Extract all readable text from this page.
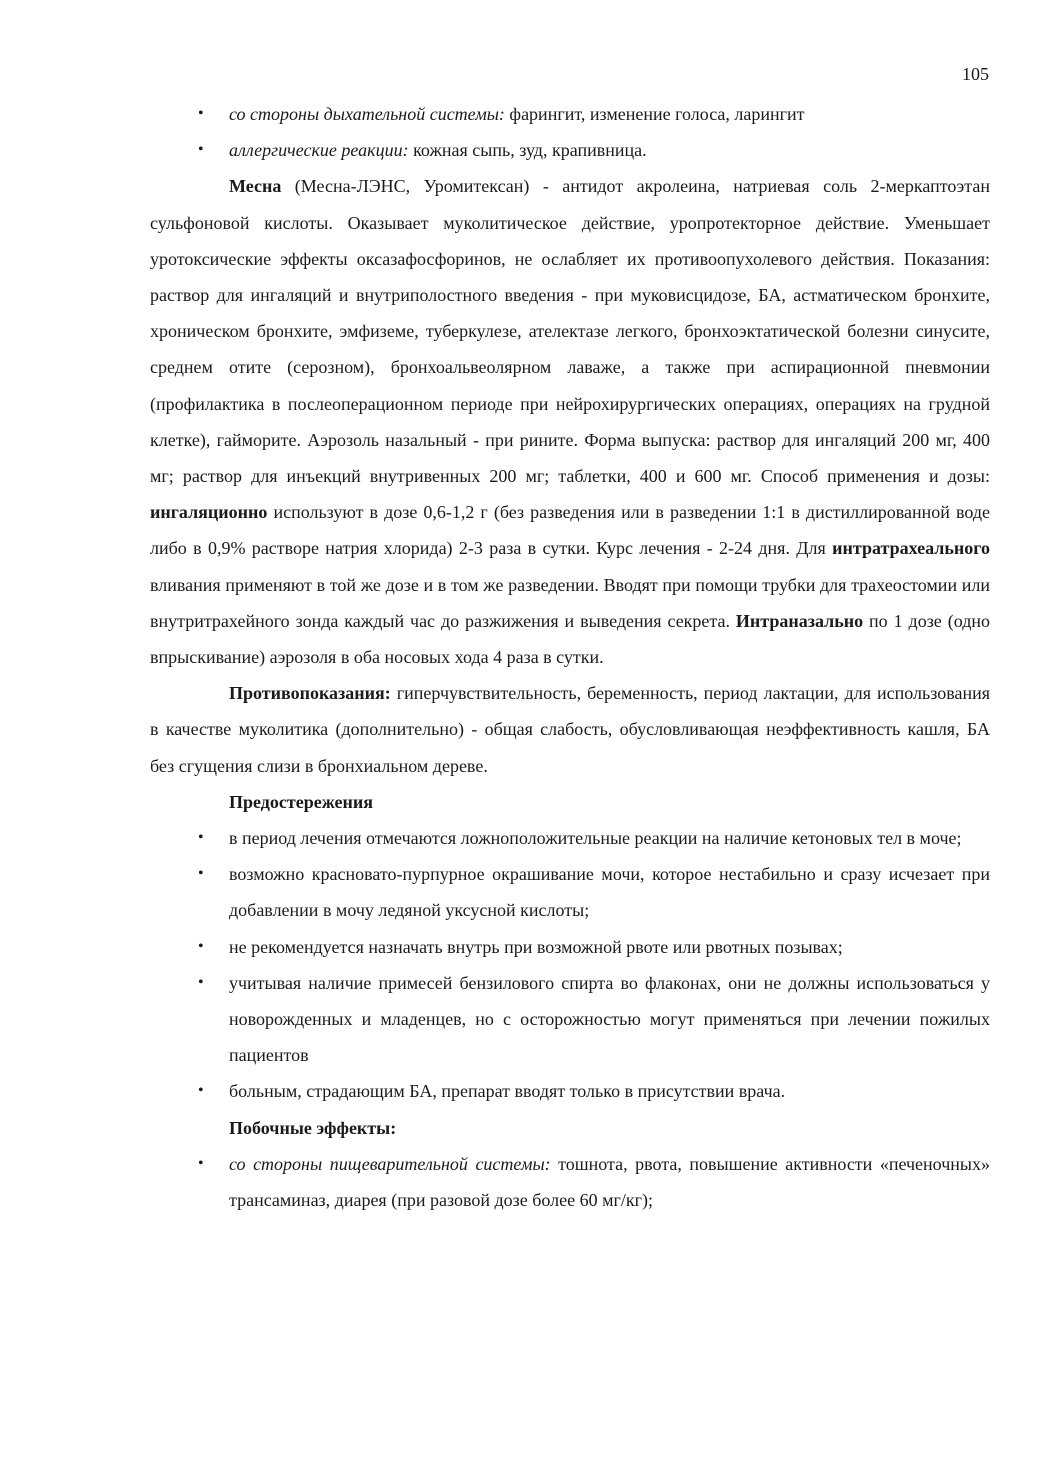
105
• со стороны дыхательной системы: фарингит, изменение голоса, ларингит
• аллергические реакции: кожная сыпь, зуд, крапивница.

Месна (Месна-ЛЭНС, Уромитексан) - антидот акролеина, натриевая соль 2-меркаптоэтан сульфоновой кислоты. Оказывает муколитическое действие, уропротекторное действие. Уменьшает уротоксические эффекты оксазафосфоринов, не ослабляет их противоопухолевого действия. Показания: раствор для ингаляций и внутриполостного введения - при муковисцидозе, БА, астматическом бронхите, хроническом бронхите, эмфиземе, туберкулезе, ателектазе легкого, бронхоэктатической болезни синусите, среднем отите (серозном), бронхоальвеолярном лаваже, а также при аспирационной пневмонии (профилактика в послеоперационном периоде при нейрохирургических операциях, операциях на грудной клетке), гайморите. Аэрозоль назальный - при рините. Форма выпуска: раствор для ингаляций 200 мг, 400 мг; раствор для инъекций внутривенных 200 мг; таблетки, 400 и 600 мг. Способ применения и дозы: ингаляционно используют в дозе 0,6-1,2 г (без разведения или в разведении 1:1 в дистиллированной воде либо в 0,9% растворе натрия хлорида) 2-3 раза в сутки. Курс лечения - 2-24 дня. Для интратрахеального вливания применяют в той же дозе и в том же разведении. Вводят при помощи трубки для трахеостомии или внутритрахейного зонда каждый час до разжижения и выведения секрета. Интраназально по 1 дозе (одно впрыскивание) аэрозоля в оба носовых хода 4 раза в сутки.

Противопоказания: гиперчувствительность, беременность, период лактации, для использования в качестве муколитика (дополнительно) - общая слабость, обусловливающая неэффективность кашля, БА без сгущения слизи в бронхиальном дереве.

Предостережения

• в период лечения отмечаются ложноположительные реакции на наличие кетоновых тел в моче;
• возможно красновато-пурпурное окрашивание мочи, которое нестабильно и сразу исчезает при добавлении в мочу ледяной уксусной кислоты;
• не рекомендуется назначать внутрь при возможной рвоте или рвотных позывах;
• учитывая наличие примесей бензилового спирта во флаконах, они не должны использоваться у новорожденных и младенцев, но с осторожностью могут применяться при лечении пожилых пациентов
• больным, страдающим БА, препарат вводят только в присутствии врача.

Побочные эффекты:

• со стороны пищеварительной системы: тошнота, рвота, повышение активности «печеночных» трансаминаз, диарея (при разовой дозе более 60 мг/кг);
